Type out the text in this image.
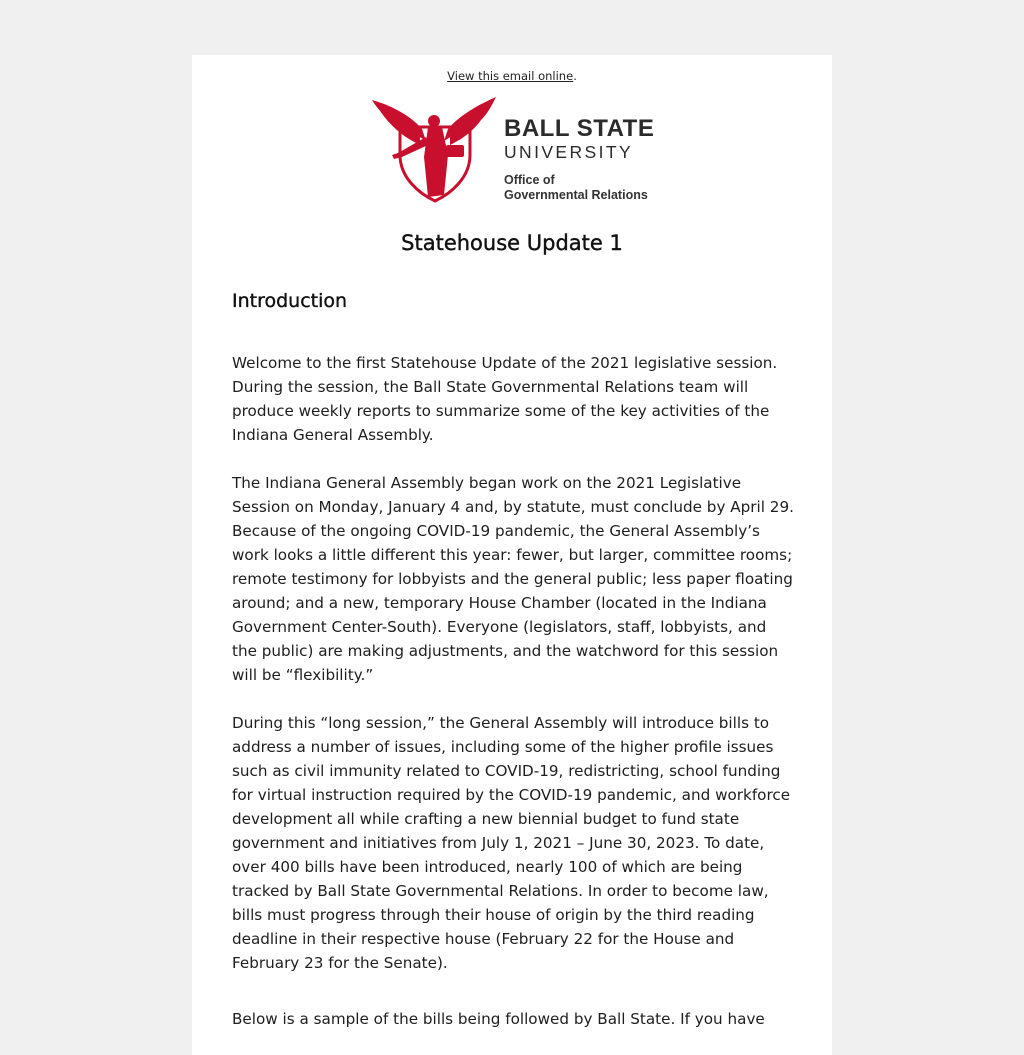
View this email online.
BALL STATE
UNIVERSITY
Office of
Governmental Relations
Statehouse Update 1
Introduction

Welcome to the first Statehouse Update of the 2021 legislative session. During the session, the Ball State Governmental Relations team will produce weekly reports to summarize some of the key activities of the Indiana General Assembly.

The Indiana General Assembly began work on the 2021 Legislative Session on Monday, January 4 and, by statute, must conclude by April 29. Because of the ongoing COVID-19 pandemic, the General Assembly’s work looks a little different this year: fewer, but larger, committee rooms; remote testimony for lobbyists and the general public; less paper floating around; and a new, temporary House Chamber (located in the Indiana Government Center-South). Everyone (legislators, staff, lobbyists, and the public) are making adjustments, and the watchword for this session will be “flexibility.”

During this “long session,” the General Assembly will introduce bills to address a number of issues, including some of the higher profile issues such as civil immunity related to COVID-19, redistricting, school funding for virtual instruction required by the COVID-19 pandemic, and workforce development all while crafting a new biennial budget to fund state government and initiatives from July 1, 2021 – June 30, 2023. To date, over 400 bills have been introduced, nearly 100 of which are being tracked by Ball State Governmental Relations. In order to become law, bills must progress through their house of origin by the third reading deadline in their respective house (February 22 for the House and February 23 for the Senate).

Below is a sample of the bills being followed by Ball State. If you have
